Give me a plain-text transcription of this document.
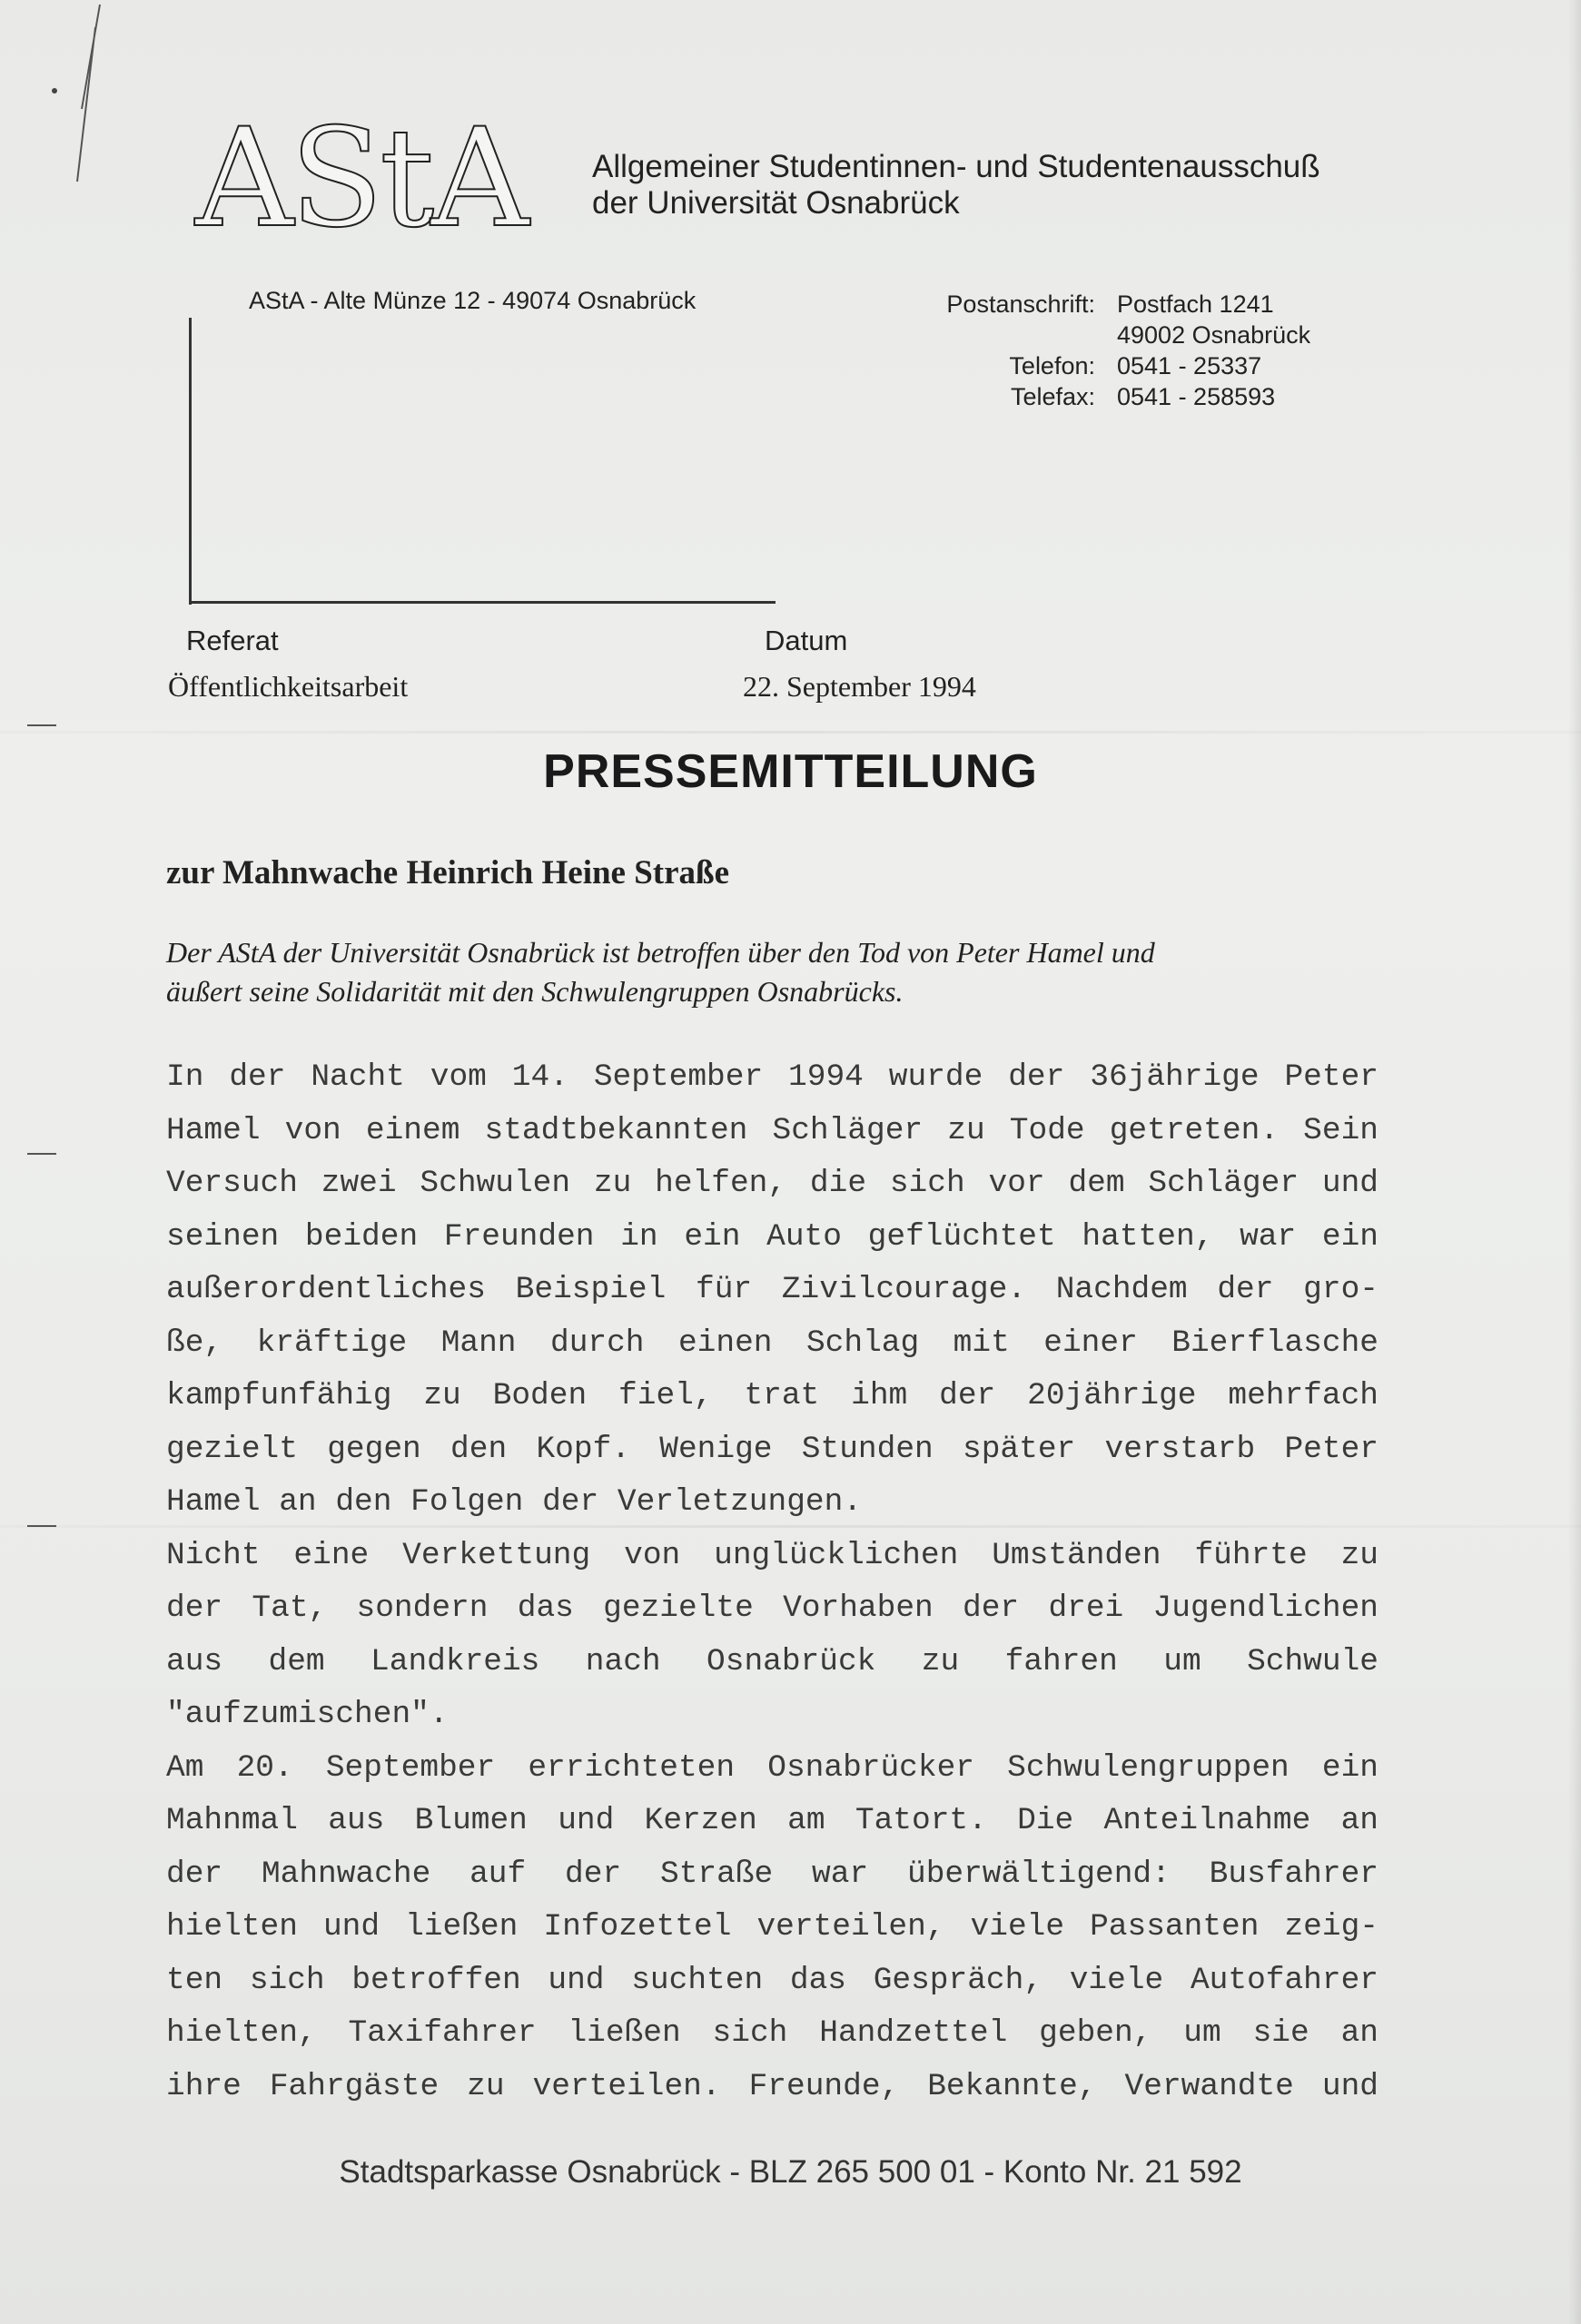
AStA Allgemeiner Studentinnen- und Studentenausschuß
der Universität Osnabrück
AStA - Alte Münze 12 - 49074 Osnabrück	Postanschrift: Postfach 1241
49002 Osnabrück
Telefon: 0541 - 25337
Telefax: 0541 - 258593
Referat
Öffentlichkeitsarbeit
Datum
22. September 1994
PRESSEMITTEILUNG
zur Mahnwache Heinrich Heine Straße
Der AStA der Universität Osnabrück ist betroffen über den Tod von Peter Hamel und
äußert seine Solidarität mit den Schwulengruppen Osnabrücks.
In der Nacht vom 14. September 1994 wurde der 36jährige Peter
Hamel von einem stadtbekannten Schläger zu Tode getreten. Sein
Versuch zwei Schwulen zu helfen, die sich vor dem Schläger und
seinen beiden Freunden in ein Auto geflüchtet hatten, war ein
außerordentliches Beispiel für Zivilcourage. Nachdem der gro-
ße, kräftige Mann durch einen Schlag mit einer Bierflasche
kampfunfähig zu Boden fiel, trat ihm der 20jährige mehrfach
gezielt gegen den Kopf. Wenige Stunden später verstarb Peter
Hamel an den Folgen der Verletzungen.
Nicht eine Verkettung von unglücklichen Umständen führte zu
der Tat, sondern das gezielte Vorhaben der drei Jugendlichen
aus dem Landkreis nach Osnabrück zu fahren um Schwule
"aufzumischen".
Am 20. September errichteten Osnabrücker Schwulengruppen ein
Mahnmal aus Blumen und Kerzen am Tatort. Die Anteilnahme an
der Mahnwache auf der Straße war überwältigend: Busfahrer
hielten und ließen Infozettel verteilen, viele Passanten zeig-
ten sich betroffen und suchten das Gespräch, viele Autofahrer
hielten, Taxifahrer ließen sich Handzettel geben, um sie an
ihre Fahrgäste zu verteilen. Freunde, Bekannte, Verwandte und
Stadtsparkasse Osnabrück - BLZ 265 500 01 - Konto Nr. 21 592
